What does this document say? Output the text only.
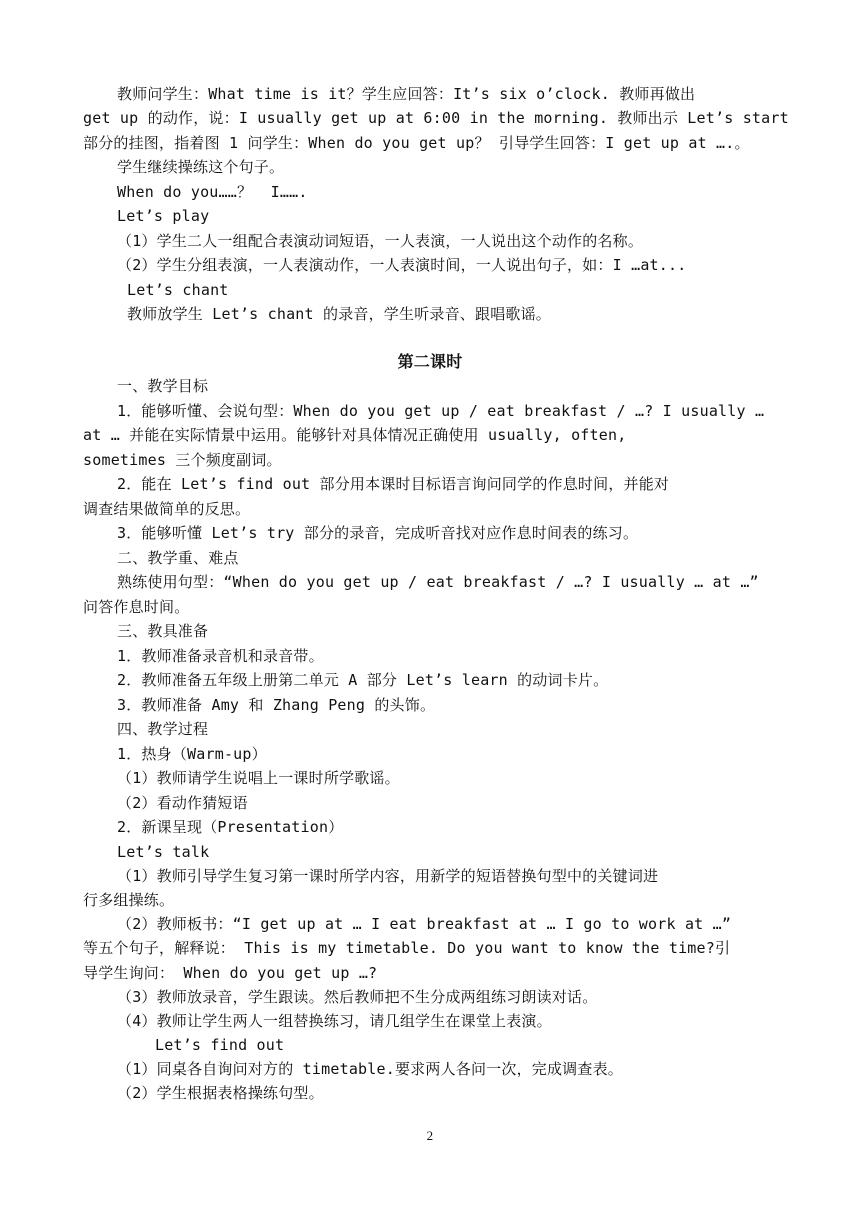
教师问学生：What time is it？学生应回答：It’s six o’clock. 教师再做出
get up 的动作，说：I usually get up at 6:00 in the morning. 教师出示 Let’s start
部分的挂图，指着图 1 问学生：When do you get up？ 引导学生回答：I get up at ….。
学生继续操练这个句子。
When do you……？  I…….
Let’s play
（1）学生二人一组配合表演动词短语，一人表演，一人说出这个动作的名称。
（2）学生分组表演，一人表演动作，一人表演时间，一人说出句子，如：I …at...
Let’s chant
教师放学生 Let’s chant 的录音，学生听录音、跟唱歌谣。
第二课时
一、教学目标
1．能够听懂、会说句型：When do you get up / eat breakfast / …? I usually …
at … 并能在实际情景中运用。能够针对具体情况正确使用 usually, often,
sometimes 三个频度副词。
2．能在 Let’s find out 部分用本课时目标语言询问同学的作息时间，并能对
调查结果做简单的反思。
3．能够听懂 Let’s try 部分的录音，完成听音找对应作息时间表的练习。
二、教学重、难点
熟练使用句型：“When do you get up / eat breakfast / …? I usually … at …”
问答作息时间。
三、教具准备
1．教师准备录音机和录音带。
2．教师准备五年级上册第二单元 A 部分 Let’s learn 的动词卡片。
3．教师准备 Amy 和 Zhang Peng 的头饰。
四、教学过程
1．热身（Warm-up）
（1）教师请学生说唱上一课时所学歌谣。
（2）看动作猜短语
2．新课呈现（Presentation）
Let’s talk
（1）教师引导学生复习第一课时所学内容，用新学的短语替换句型中的关键词进
行多组操练。
（2）教师板书：“I get up at … I eat breakfast at … I go to work at …”
等五个句子，解释说： This is my timetable. Do you want to know the time?引
导学生询问： When do you get up …?
（3）教师放录音，学生跟读。然后教师把不生分成两组练习朗读对话。
（4）教师让学生两人一组替换练习，请几组学生在课堂上表演。
Let’s find out
（1）同桌各自询问对方的 timetable.要求两人各问一次，完成调查表。
（2）学生根据表格操练句型。
2
